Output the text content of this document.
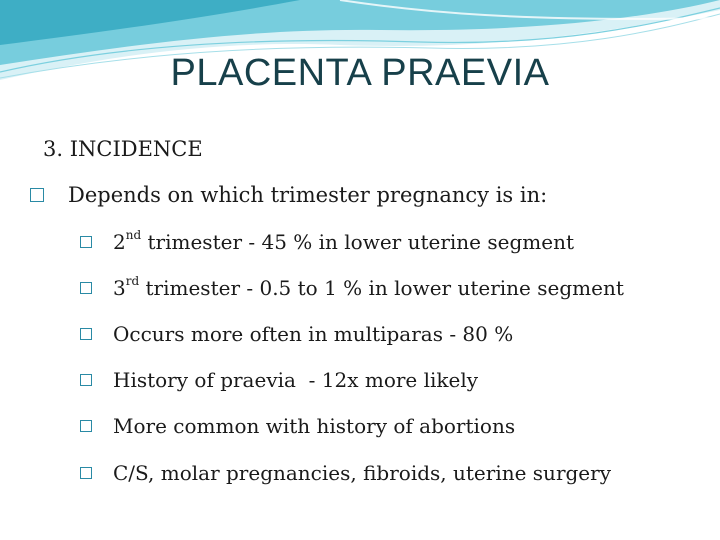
PLACENTA PRAEVIA
3. INCIDENCE
Depends on which trimester pregnancy is in:
2nd trimester - 45 % in lower uterine segment
3rd trimester - 0.5 to 1 % in lower uterine segment
Occurs more often in multiparas - 80 %
History of praevia  - 12x more likely
More common with history of abortions
C/S, molar pregnancies, fibroids, uterine surgery
